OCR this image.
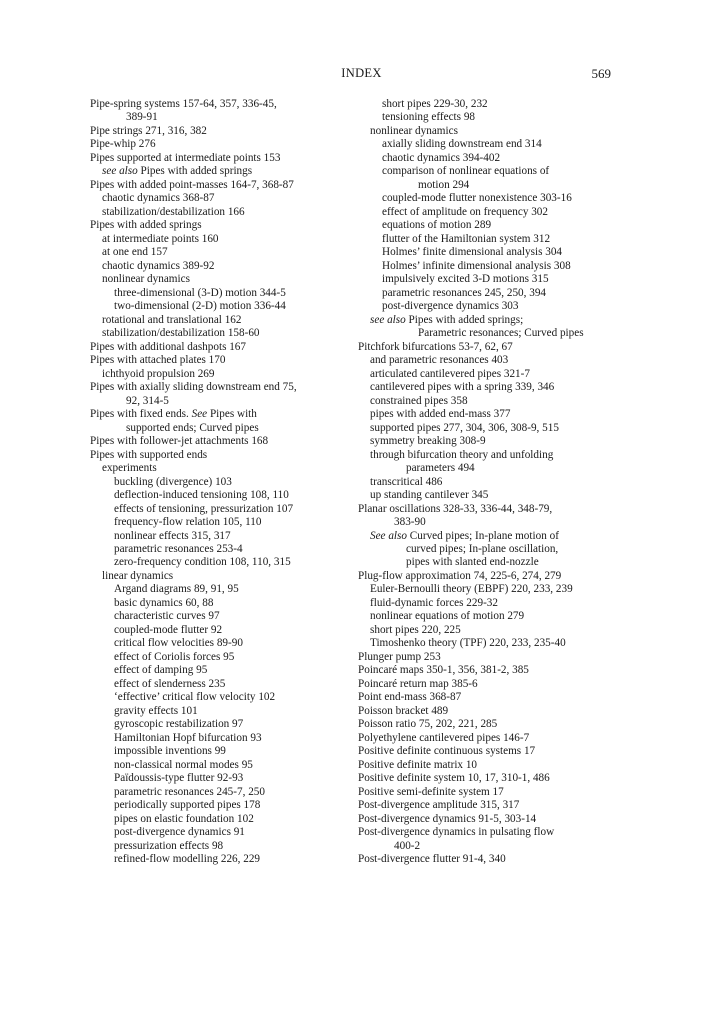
INDEX	569
Pipe-spring systems 157-64, 357, 336-45,
389-91
Pipe strings 271, 316, 382
Pipe-whip 276
Pipes supported at intermediate points 153
see also Pipes with added springs
Pipes with added point-masses 164-7, 368-87
chaotic dynamics 368-87
stabilization/destabilization 166
Pipes with added springs
at intermediate points 160
at one end 157
chaotic dynamics 389-92
nonlinear dynamics
three-dimensional (3-D) motion 344-5
two-dimensional (2-D) motion 336-44
rotational and translational 162
stabilization/destabilization 158-60
Pipes with additional dashpots 167
Pipes with attached plates 170
ichthyoid propulsion 269
Pipes with axially sliding downstream end 75,
92, 314-5
Pipes with fixed ends. See Pipes with
supported ends; Curved pipes
Pipes with follower-jet attachments 168
Pipes with supported ends
experiments
buckling (divergence) 103
deflection-induced tensioning 108, 110
effects of tensioning, pressurization 107
frequency-flow relation 105, 110
nonlinear effects 315, 317
parametric resonances 253-4
zero-frequency condition 108, 110, 315
linear dynamics
Argand diagrams 89, 91, 95
basic dynamics 60, 88
characteristic curves 97
coupled-mode flutter 92
critical flow velocities 89-90
effect of Coriolis forces 95
effect of damping 95
effect of slenderness 235
‘effective’ critical flow velocity 102
gravity effects 101
gyroscopic restabilization 97
Hamiltonian Hopf bifurcation 93
impossible inventions 99
non-classical normal modes 95
Païdoussis-type flutter 92-93
parametric resonances 245-7, 250
periodically supported pipes 178
pipes on elastic foundation 102
post-divergence dynamics 91
pressurization effects 98
refined-flow modelling 226, 229
short pipes 229-30, 232
tensioning effects 98
nonlinear dynamics
axially sliding downstream end 314
chaotic dynamics 394-402
comparison of nonlinear equations of
motion 294
coupled-mode flutter nonexistence 303-16
effect of amplitude on frequency 302
equations of motion 289
flutter of the Hamiltonian system 312
Holmes’ finite dimensional analysis 304
Holmes’ infinite dimensional analysis 308
impulsively excited 3-D motions 315
parametric resonances 245, 250, 394
post-divergence dynamics 303
see also Pipes with added springs;
Parametric resonances; Curved pipes
Pitchfork bifurcations 53-7, 62, 67
and parametric resonances 403
articulated cantilevered pipes 321-7
cantilevered pipes with a spring 339, 346
constrained pipes 358
pipes with added end-mass 377
supported pipes 277, 304, 306, 308-9, 515
symmetry breaking 308-9
through bifurcation theory and unfolding
parameters 494
transcritical 486
up standing cantilever 345
Planar oscillations 328-33, 336-44, 348-79,
383-90
See also Curved pipes; In-plane motion of
curved pipes; In-plane oscillation,
pipes with slanted end-nozzle
Plug-flow approximation 74, 225-6, 274, 279
Euler-Bernoulli theory (EBPF) 220, 233, 239
fluid-dynamic forces 229-32
nonlinear equations of motion 279
short pipes 220, 225
Timoshenko theory (TPF) 220, 233, 235-40
Plunger pump 253
Poincaré maps 350-1, 356, 381-2, 385
Poincaré return map 385-6
Point end-mass 368-87
Poisson bracket 489
Poisson ratio 75, 202, 221, 285
Polyethylene cantilevered pipes 146-7
Positive definite continuous systems 17
Positive definite matrix 10
Positive definite system 10, 17, 310-1, 486
Positive semi-definite system 17
Post-divergence amplitude 315, 317
Post-divergence dynamics 91-5, 303-14
Post-divergence dynamics in pulsating flow
400-2
Post-divergence flutter 91-4, 340
